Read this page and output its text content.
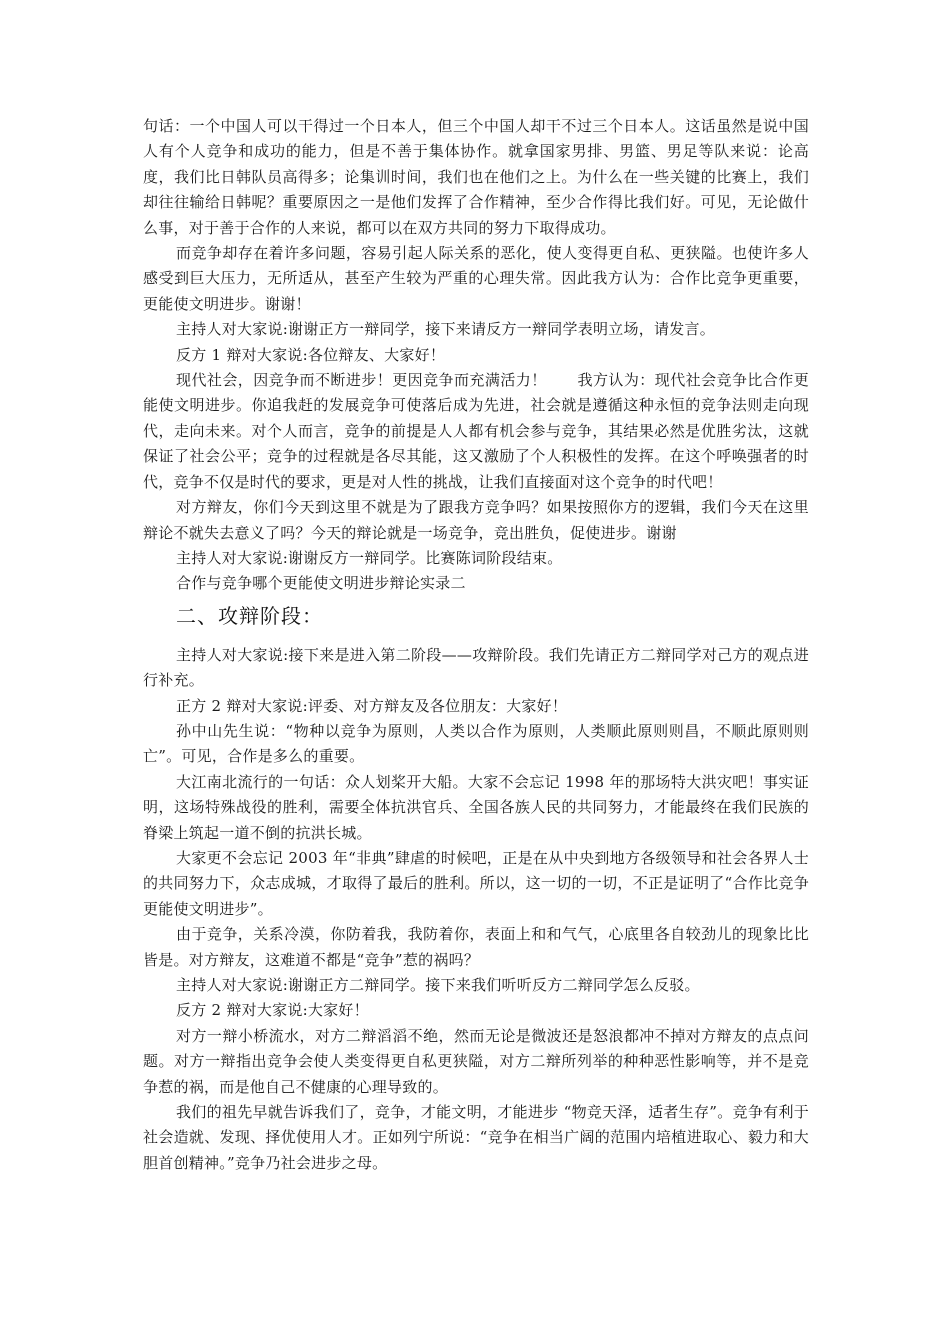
句话：一个中国人可以干得过一个日本人，但三个中国人却干不过三个日本人。这话虽然是说中国人有个人竞争和成功的能力，但是不善于集体协作。就拿国家男排、男篮、男足等队来说：论高度，我们比日韩队员高得多；论集训时间，我们也在他们之上。为什么在一些关键的比赛上，我们却往往输给日韩呢？重要原因之一是他们发挥了合作精神，至少合作得比我们好。可见，无论做什么事，对于善于合作的人来说，都可以在双方共同的努力下取得成功。

而竞争却存在着许多问题，容易引起人际关系的恶化，使人变得更自私、更狭隘。也使许多人感受到巨大压力，无所适从，甚至产生较为严重的心理失常。因此我方认为：合作比竞争更重要，更能使文明进步。谢谢！

主持人对大家说:谢谢正方一辩同学，接下来请反方一辩同学表明立场，请发言。

反方 1 辩对大家说:各位辩友、大家好！

现代社会，因竞争而不断进步！更因竞争而充满活力！　　我方认为：现代社会竞争比合作更能使文明进步。你追我赶的发展竞争可使落后成为先进，社会就是遵循这种永恒的竞争法则走向现代，走向未来。对个人而言，竞争的前提是人人都有机会参与竞争，其结果必然是优胜劣汰，这就保证了社会公平；竞争的过程就是各尽其能，这又激励了个人积极性的发挥。在这个呼唤强者的时代，竞争不仅是时代的要求，更是对人性的挑战，让我们直接面对这个竞争的时代吧！

对方辩友，你们今天到这里不就是为了跟我方竞争吗？如果按照你方的逻辑，我们今天在这里辩论不就失去意义了吗？今天的辩论就是一场竞争，竞出胜负，促使进步。谢谢

主持人对大家说:谢谢反方一辩同学。比赛陈词阶段结束。

合作与竞争哪个更能使文明进步辩论实录二

二、攻辩阶段：

主持人对大家说:接下来是进入第二阶段——攻辩阶段。我们先请正方二辩同学对己方的观点进行补充。

正方 2 辩对大家说:评委、对方辩友及各位朋友：大家好！

孙中山先生说：“物种以竞争为原则，人类以合作为原则，人类顺此原则则昌，不顺此原则则亡”。可见，合作是多么的重要。

大江南北流行的一句话：众人划桨开大船。大家不会忘记 1998 年的那场特大洪灾吧！事实证明，这场特殊战役的胜利，需要全体抗洪官兵、全国各族人民的共同努力，才能最终在我们民族的脊梁上筑起一道不倒的抗洪长城。

大家更不会忘记 2003 年“非典”肆虐的时候吧，正是在从中央到地方各级领导和社会各界人士的共同努力下，众志成城，才取得了最后的胜利。所以，这一切的一切，不正是证明了“合作比竞争更能使文明进步”。

由于竞争，关系冷漠，你防着我，我防着你，表面上和和气气，心底里各自较劲儿的现象比比皆是。对方辩友，这难道不都是“竞争”惹的祸吗？

主持人对大家说:谢谢正方二辩同学。接下来我们听听反方二辩同学怎么反驳。

反方 2 辩对大家说:大家好！

对方一辩小桥流水，对方二辩滔滔不绝，然而无论是微波还是怒浪都冲不掉对方辩友的点点问题。对方一辩指出竞争会使人类变得更自私更狭隘，对方二辩所列举的种种恶性影响等，并不是竞争惹的祸，而是他自己不健康的心理导致的。

我们的祖先早就告诉我们了，竞争，才能文明，才能进步 “物竞天泽，适者生存”。竞争有利于社会造就、发现、择优使用人才。正如列宁所说：“竞争在相当广阔的范围内培植进取心、毅力和大胆首创精神。”竞争乃社会进步之母。
